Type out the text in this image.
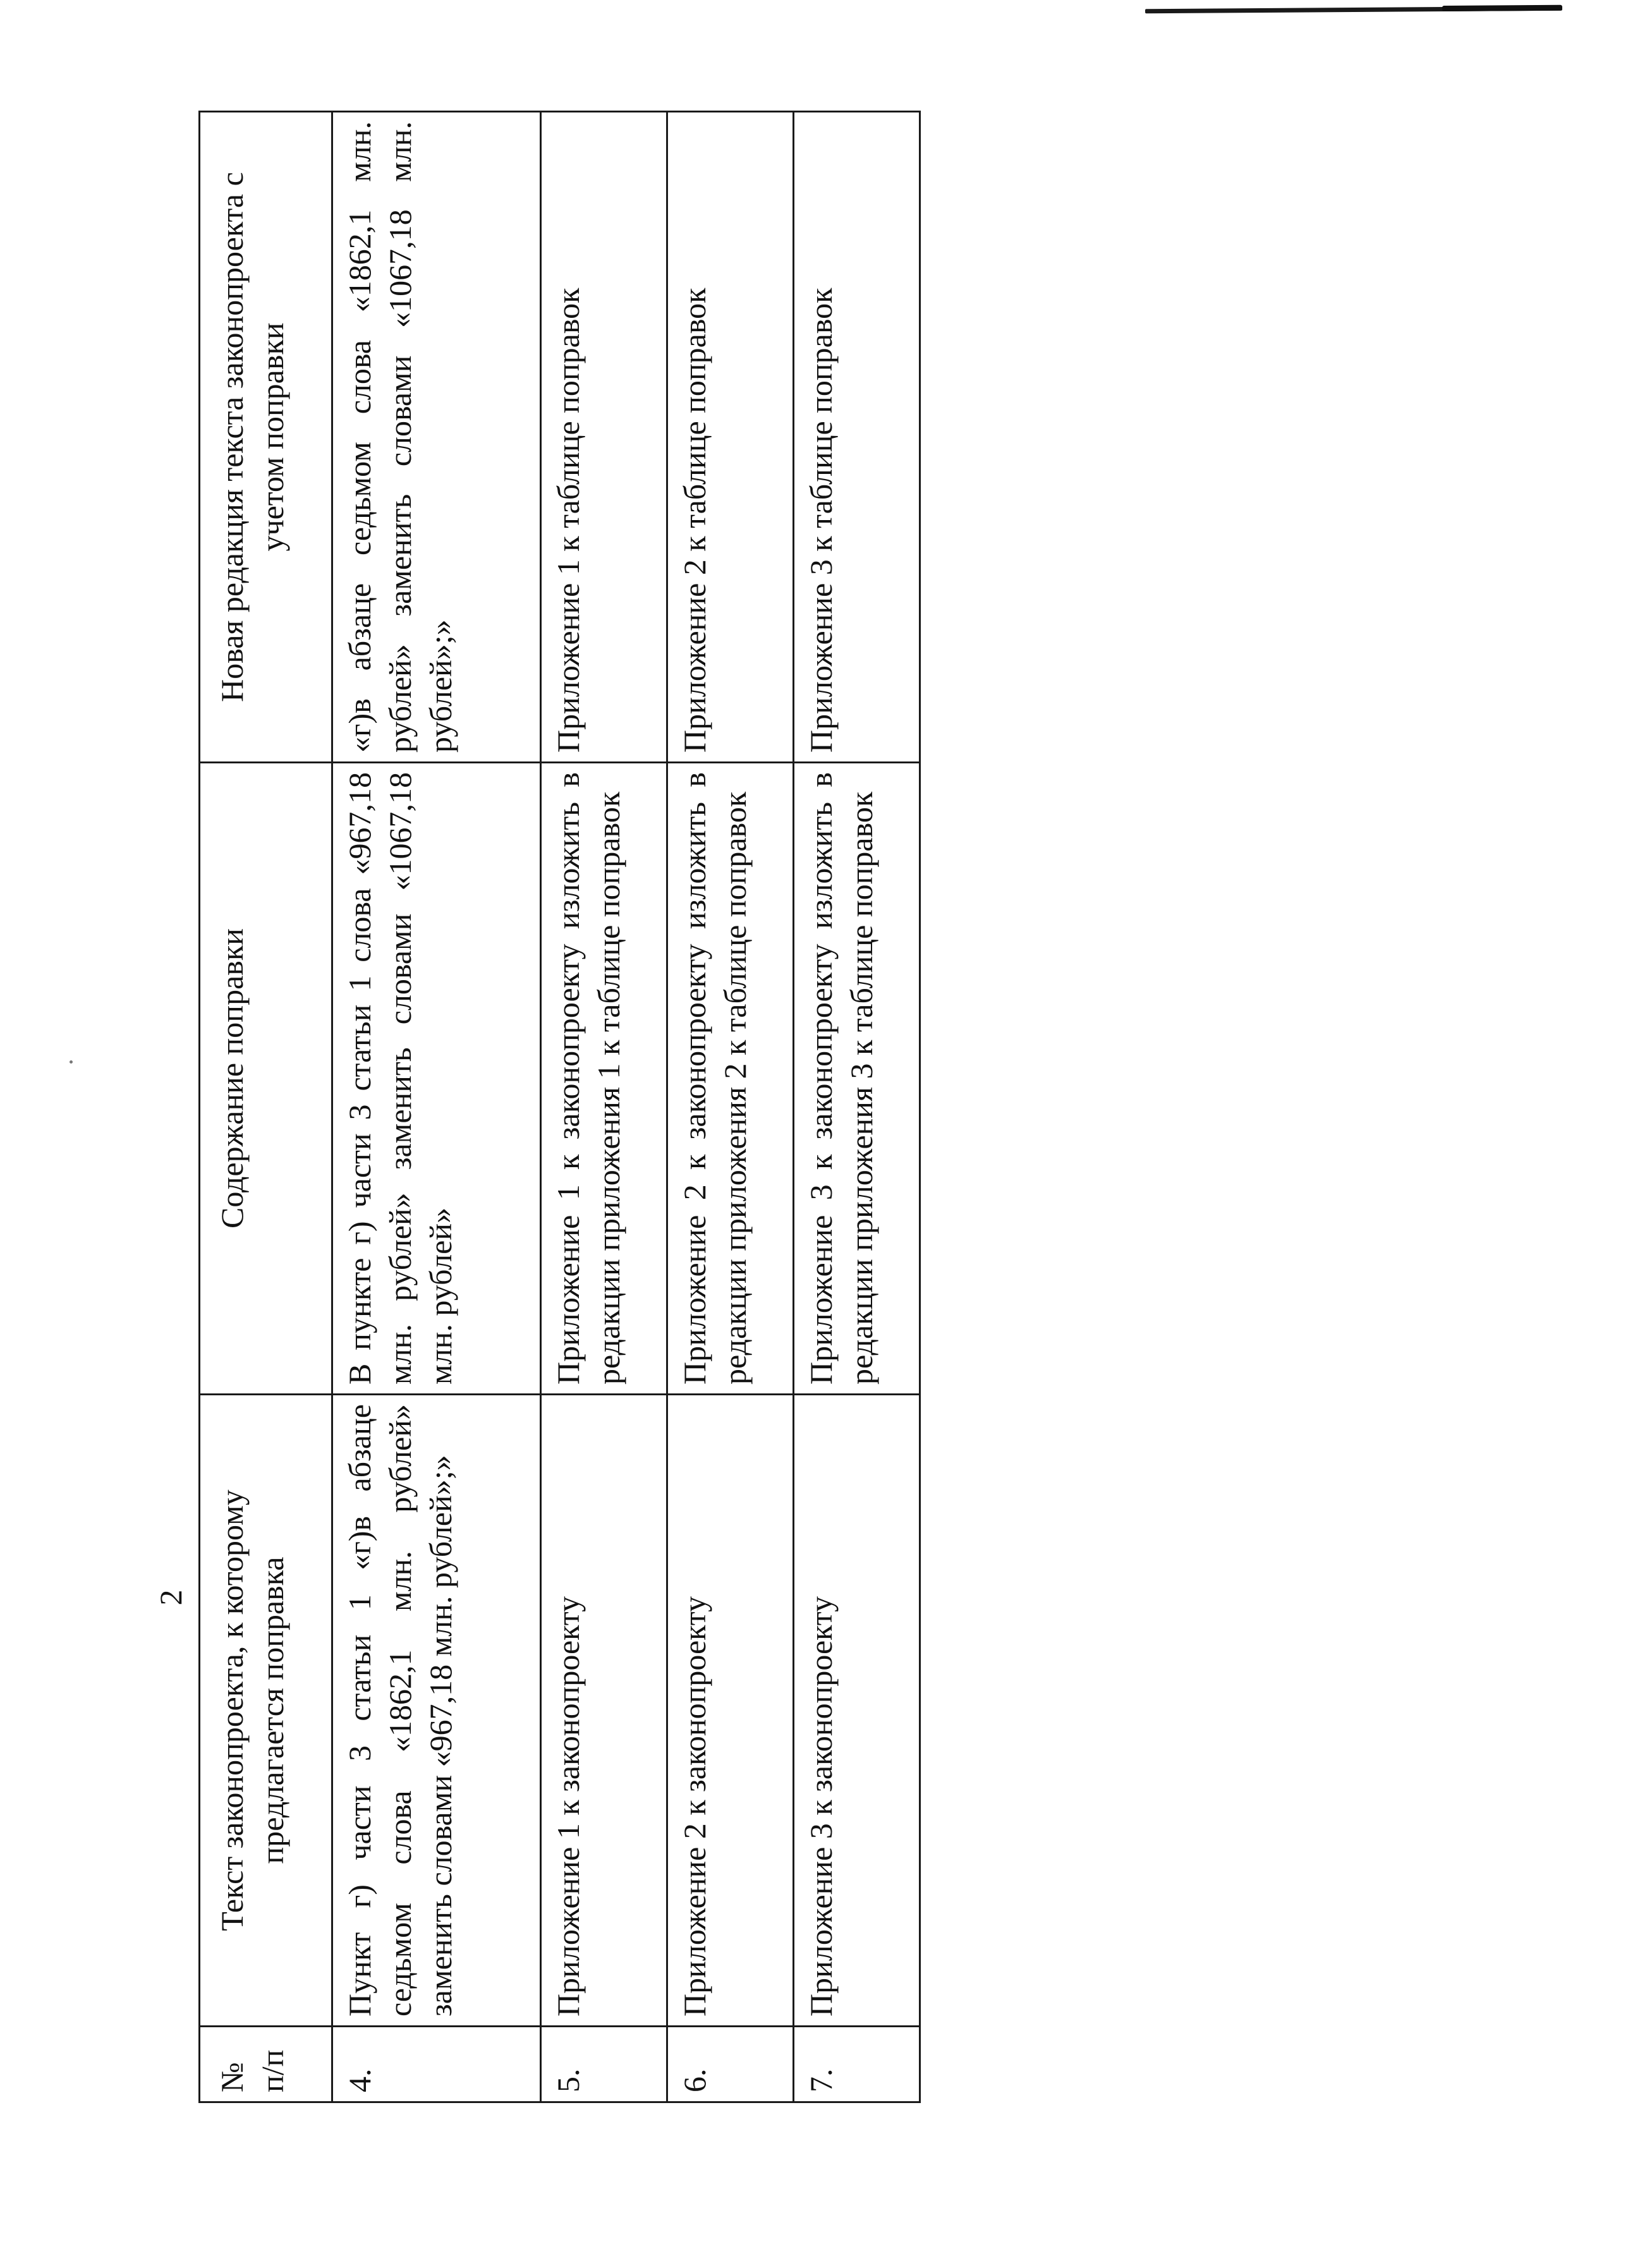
2
№ п/п	Текст законопроекта, к которому предлагается поправка	Содержание поправки	Новая редакция текста законопроекта с учетом поправки
4.	Пункт г) части 3 статьи 1 «г)в абзаце седьмом слова «1862,1 млн. рублей» заменить словами «967,18 млн. рублей»;»	В пункте г) части 3 статьи 1 слова «967,18 млн. рублей» заменить словами «1067,18 млн. рублей»	«г)в абзаце седьмом слова «1862,1 млн. рублей» заменить словами «1067,18 млн. рублей»;»
5.	Приложение 1 к законопроекту	Приложение 1 к законопроекту изложить в редакции приложения 1 к таблице поправок	Приложение 1 к таблице поправок
6.	Приложение 2 к законопроекту	Приложение 2 к законопроекту изложить в редакции приложения 2 к таблице поправок	Приложение 2 к таблице поправок
7.	Приложение 3 к законопроекту	Приложение 3 к законопроекту изложить в редакции приложения 3 к таблице поправок	Приложение 3 к таблице поправок
